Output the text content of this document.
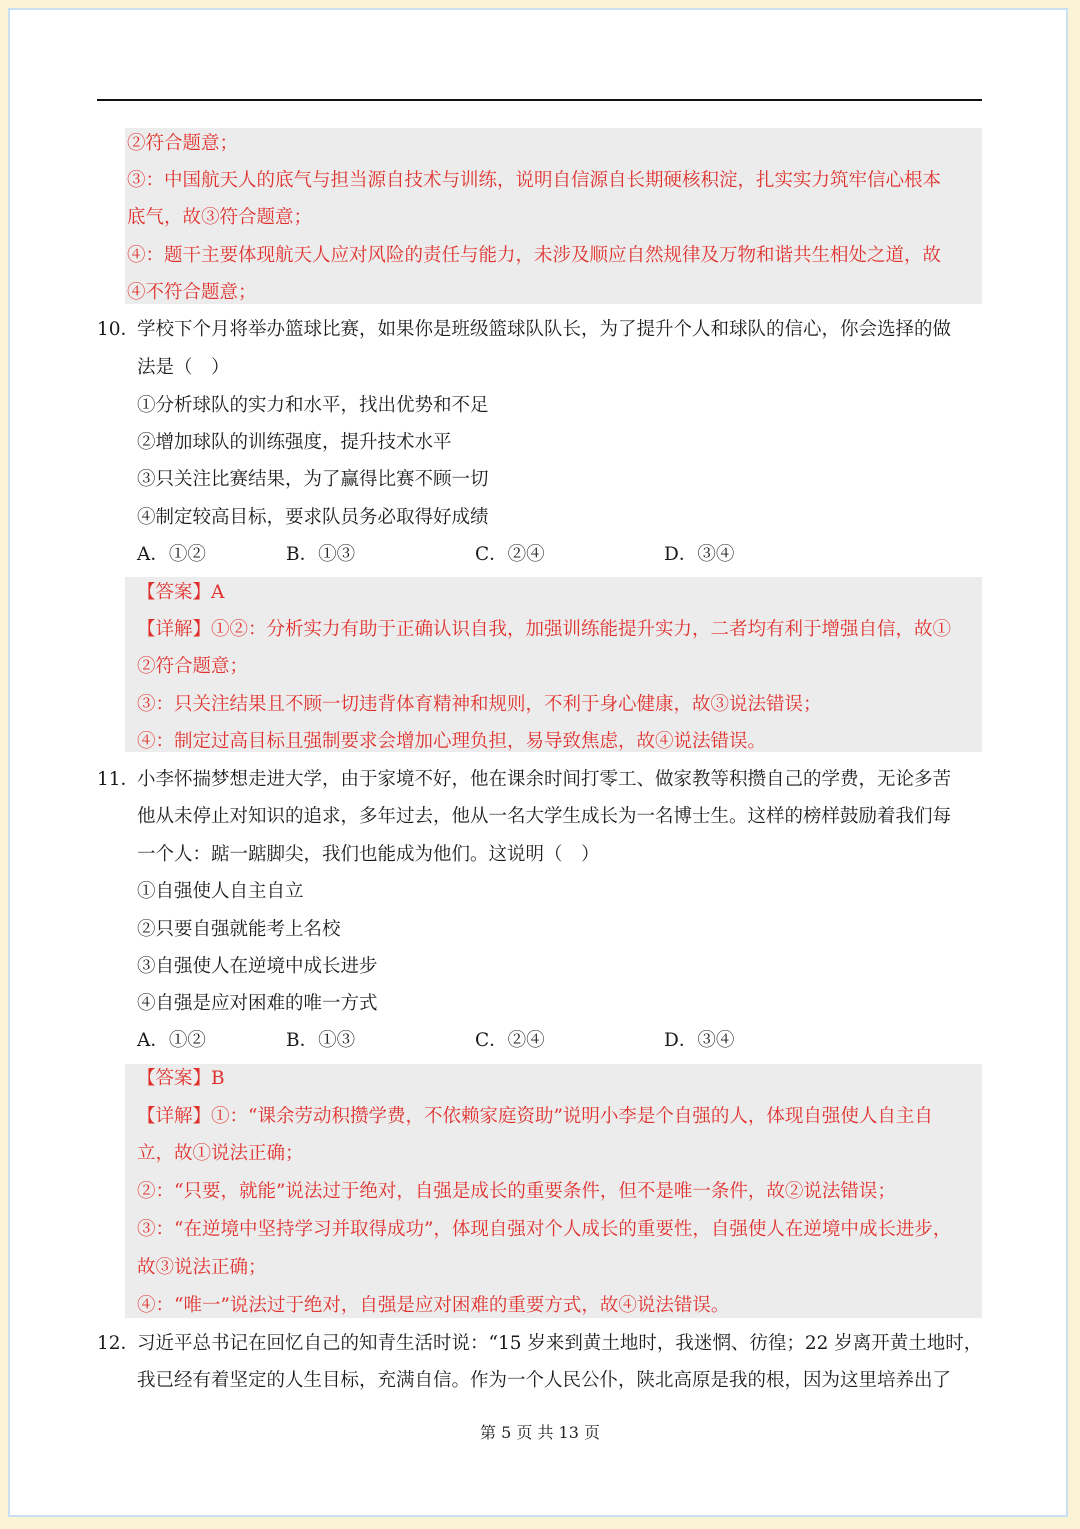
②符合题意；
③：中国航天人的底气与担当源自技术与训练，说明自信源自长期硬核积淀，扎实实力筑牢信心根本
底气，故③符合题意；
④：题干主要体现航天人应对风险的责任与能力，未涉及顺应自然规律及万物和谐共生相处之道，故
④不符合题意；
10．
学校下个月将举办篮球比赛，如果你是班级篮球队队长，为了提升个人和球队的信心，你会选择的做
法是（　）
①分析球队的实力和水平，找出优势和不足
②增加球队的训练强度，提升技术水平
③只关注比赛结果，为了赢得比赛不顾一切
④制定较高目标，要求队员务必取得好成绩
A．①②	B．①③	C．②④	D．③④
【答案】A
【详解】①②：分析实力有助于正确认识自我，加强训练能提升实力，二者均有利于增强自信，故①
②符合题意；
③：只关注结果且不顾一切违背体育精神和规则，不利于身心健康，故③说法错误；
④：制定过高目标且强制要求会增加心理负担，易导致焦虑，故④说法错误。
11．
小李怀揣梦想走进大学，由于家境不好，他在课余时间打零工、做家教等积攒自己的学费，无论多苦
他从未停止对知识的追求，多年过去，他从一名大学生成长为一名博士生。这样的榜样鼓励着我们每
一个人：踮一踮脚尖，我们也能成为他们。这说明（　）
①自强使人自主自立
②只要自强就能考上名校
③自强使人在逆境中成长进步
④自强是应对困难的唯一方式
A．①②	B．①③	C．②④	D．③④
【答案】B
【详解】①：“课余劳动积攒学费，不依赖家庭资助”说明小李是个自强的人，体现自强使人自主自
立，故①说法正确；
②：“只要，就能”说法过于绝对，自强是成长的重要条件，但不是唯一条件，故②说法错误；
③：“在逆境中坚持学习并取得成功”，体现自强对个人成长的重要性，自强使人在逆境中成长进步，
故③说法正确；
④：“唯一”说法过于绝对，自强是应对困难的重要方式，故④说法错误。
12．
习近平总书记在回忆自己的知青生活时说：“15 岁来到黄土地时，我迷惘、彷徨；22 岁离开黄土地时，
我已经有着坚定的人生目标，充满自信。作为一个人民公仆，陕北高原是我的根，因为这里培养出了
第 5 页 共 13 页
